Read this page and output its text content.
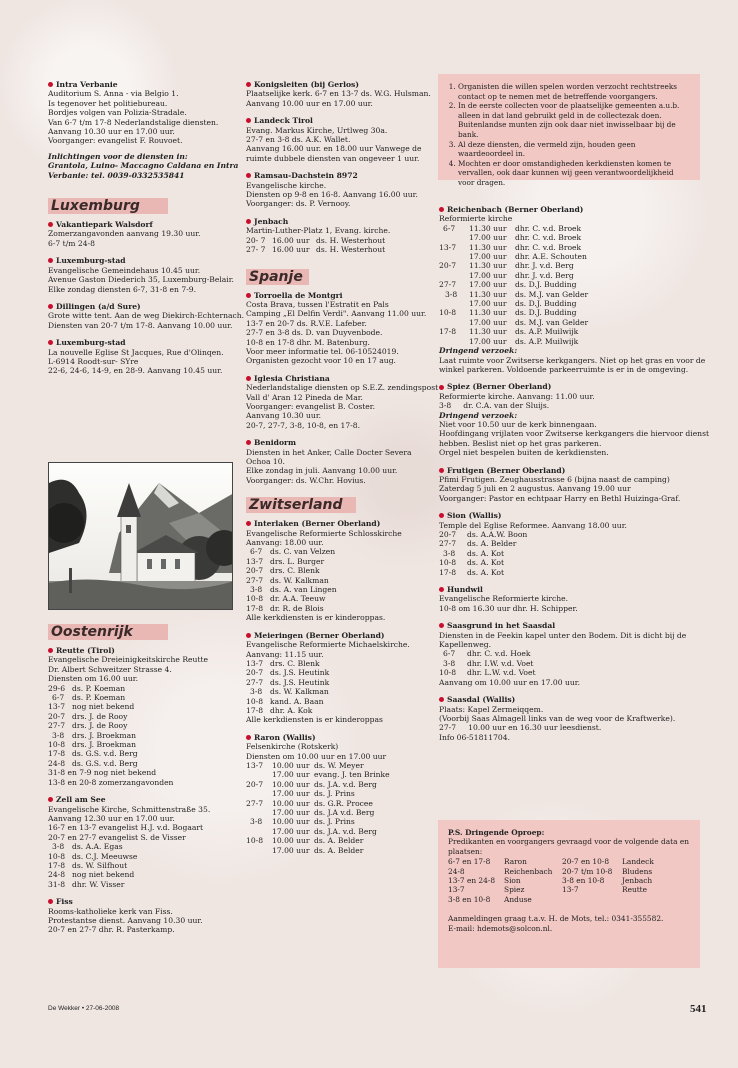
Intra Verbanie
Auditorium S. Anna - via Belgio 1.
Is tegenover het politiebureau.
Bordjes volgen van Polizia-Stradale.
Van 6-7 t/m 17-8 Nederlandstalige diensten.
Aanvang 10.30 uur en 17.00 uur.
Voorganger: evangelist F. Rouvoet.
Inlichtingen voor de diensten in:
Grantola, Luino- Maccagno Caldana en Intra
Verbanie: tel. 0039-0332535841
Luxemburg
Vakantiepark Walsdorf
Zomerzangavonden aanvang 19.30 uur.
6-7 t/m 24-8
Luxemburg-stad
Evangelische Gemeindehaus 10.45 uur.
Avenue Gaston Diederich 35, Luxemburg-Belair.
Elke zondag diensten 6-7, 31-8 en 7-9.
Dillingen (a/d Sure)
Grote witte tent. Aan de weg Diekirch-Echternach.
Diensten van 20-7 t/m 17-8. Aanvang 10.00 uur.
Luxemburg-stad
La nouvelle Eglise St Jacques, Rue d'Olinqen.
L-6914 Roodt-sur- SYre
22-6, 24-6, 14-9, en 28-9. Aanvang 10.45 uur.
Oostenrijk
Reutte (Tirol)
Evangelische Dreieinigkeitskirche Reutte
Dr. Albert Schweitzer Strasse 4.
Diensten om 16.00 uur.
29-6 ds. P. Koeman
6-7	ds. P. Koeman
13-7 nog niet bekend
20-7 drs. J. de Rooy
27-7 drs. J. de Rooy
3-8	drs. J. Broekman
10-8 drs. J. Broekman
17-8 ds. G.S. v.d. Berg
24-8 ds. G.S. v.d. Berg
31-8 en 7-9 nog niet bekend
13-8 en 20-8 zomerzangavonden
Zell am See
Evangelische Kirche, Schmittenstraße 35.
Aanvang 12.30 uur en 17.00 uur.
16-7 en 13-7 evangelist H.J. v.d. Bogaart
20-7 en 27-7 evangelist S. de Visser
3-8	ds. A.A. Egas
10-8 ds. C.J. Meeuwse
17-8 ds. W. Silfhout
24-8 nog niet bekend
31-8 dhr. W. Visser
Fiss
Rooms-katholieke kerk van Fiss.
Protestantse dienst. Aanvang 10.30 uur.
20-7 en 27-7 dhr. R. Pasterkamp.
Konigsleiten (bij Gerlos)
Plaatselijke kerk. 6-7 en 13-7 ds. W.G. Hulsman.
Aanvang 10.00 uur en 17.00 uur.
Landeck Tirol
Evang. Markus Kirche, Urtlweg 30a.
27-7 en 3-8 ds. A.K. Wallet.
Aanvang 16.00 uur. en 18.00 uur Vanwege de
ruimte dubbele diensten van ongeveer 1 uur.
Ramsau-Dachstein 8972
Evangelische kirche.
Diensten op 9-8 en 16-8. Aanvang 16.00 uur.
Voorganger: ds. P. Vernooy.
Jenbach
Martin-Luther-Platz 1, Evang. kirche.
20- 7 16.00 uur ds. H. Westerhout
27- 7 16.00 uur ds. H. Westerhout
Spanje
Torroella de Montgri
Costa Brava, tussen l'Estratit en Pals
Camping „El Delfin Verdi". Aanvang 11.00 uur.
13-7 en 20-7 ds. R.V.E. Lafeber.
27-7 en 3-8 ds. D. van Duyvenbode.
10-8 en 17-8 dhr. M. Batenburg.
Voor meer informatie tel. 06-10524019.
Organisten gezocht voor 10 en 17 aug.
Iglesia Christiana
Nederlandstalige diensten op S.E.Z. zendingspost
Vall d' Aran 12 Pineda de Mar.
Voorganger: evangelist B. Coster.
Aanvang 10.30 uur.
20-7, 27-7, 3-8, 10-8, en 17-8.
Benidorm
Diensten in het Anker, Calle Docter Severa
Ochoa 10.
Elke zondag in juli. Aanvang 10.00 uur.
Voorganger: ds. W.Chr. Hovius.
Zwitserland
Interlaken (Berner Oberland)
Evangelische Reformierte Schlosskirche
Aanvang: 18.00 uur.
6-7	ds. C. van Velzen
13-7 drs. L. Burger
20-7 drs. C. Blenk
27-7 ds. W. Kalkman
3-8	ds. A. van Lingen
10-8 dr. A.A. Teeuw
17-8 dr. R. de Blois
Alle kerkdiensten is er kinderoppas.
Meieringen (Berner Oberland)
Evangelische Reformierte Michaelskirche.
Aanvang: 11.15 uur.
13-7 drs. C. Blenk
20-7 ds. J.S. Heutink
27-7 ds. J.S. Heutink
3-8	ds. W. Kalkman
10-8 kand. A. Baan
17-8 dhr. A. Kok
Alle kerkdiensten is er kinderoppas
Raron (Wallis)
Felsenkirche (Rotskerk)
Diensten om 10.00 uur en 17.00 uur
13-7	10.00 uur ds. W. Meyer
17.00 uur evang. J. ten Brinke
20-7	10.00 uur ds. J.A. v.d. Berg
17.00 uur ds. J. Prins
27-7	10.00 uur ds. G.R. Procee
17.00 uur ds. J.A v.d. Berg
3-8	10.00 uur ds. J. Prins
17.00 uur ds. J.A. v.d. Berg
10-8	10.00 uur ds. A. Belder
17.00 uur ds. A. Belder
1. Organisten die willen spelen worden verzocht rechtstreeks contact op te nemen met de betreffende voorgangers.
2. In de eerste collecten voor de plaatselijke gemeenten a.u.b. alleen in dat land gebruikt geld in de collectezak doen. Buitenlandse munten zijn ook daar niet inwisselbaar bij de bank.
3. Al deze diensten, die vermeld zijn, houden geen waardeoordeel in.
4. Mochten er door omstandigheden kerkdiensten komen te vervallen, ook daar kunnen wij geen verantwoordelijkheid voor dragen.
Reichenbach (Berner Oberland)
Reformierte kirche
6-7	11.30 uur	dhr. C. v.d. Broek
17.00 uur	dhr. C. v.d. Broek
13-7	11.30 uur	dhr. C. v.d. Broek
17.00 uur	dhr. A.E. Schouten
20-7	11.30 uur	dhr. J. v.d. Berg
17.00 uur	dhr. J. v.d. Berg
27-7	17.00 uur	ds. D.J. Budding
3-8	11.30 uur	ds. M.J. van Gelder
17.00 uur	ds. D.J. Budding
10-8	11.30 uur	ds. D.J. Budding
17.00 uur	ds. M.J. van Gelder
17-8	11.30 uur	ds. A.P. Muilwijk
17.00 uur	ds. A.P. Muilwijk
Dringend verzoek:
Laat ruimte voor Zwitserse kerkgangers. Niet op het gras en voor de
winkel parkeren. Voldoende parkeerruimte is er in de omgeving.
Spiez (Berner Oberland)
Reformierte kirche. Aanvang: 11.00 uur.
3-8     dr. C.A. van der Sluijs.
Dringend verzoek:
Niet voor 10.50 uur de kerk binnengaan.
Hoofdingang vrijlaten voor Zwitserse kerkgangers die hiervoor dienst
hebben. Beslist niet op het gras parkeren.
Orgel niet bespelen buiten de kerkdiensten.
Frutigen (Berner Oberland)
Pfimi Frutigen. Zeughausstrasse 6 (bijna naast de camping)
Zaterdag 5 juli en 2 augustus. Aanvang 19.00 uur
Voorganger: Pastor en echtpaar Harry en Bethl Huizinga-Graf.
Sion (Wallis)
Temple del Eglise Reformee. Aanvang 18.00 uur.
20-7	ds. A.A.W. Boon
27-7	ds. A. Belder
3-8	ds. A. Kot
10-8	ds. A. Kot
17-8	ds. A. Kot
Hundwil
Evangelische Reformierte kirche.
10-8 om 16.30 uur dhr. H. Schipper.
Saasgrund in het Saasdal
Diensten in de Feekin kapel unter den Bodem. Dit is dicht bij de
Kapellenweg.
6-7	dhr. C. v.d. Hoek
3-8	dhr. I.W. v.d. Voet
10-8	dhr. L.W. v.d. Voet
Aanvang om 10.00 uur en 17.00 uur.
Saasdal (Wallis)
Plaats: Kapel Zermeiqqem.
(Voorbij Saas Almagell links van de weg voor de Kraftwerke).
27-7     10.00 uur en 16.30 uur leesdienst.
Info 06-51811704.
P.S. Dringende Oproep:
Predikanten en voorgangers gevraagd voor de volgende data en plaatsen:
6-7 en 17-8	Raron	20-7 en 10-8	Landeck
24-8	Reichenbach	20-7 t/m 10-8	Bludens
13-7 en 24-8	Sion	3-8 en 10-8	Jenbach
13-7	Spiez	13-7	Reutte
3-8 en 10-8	Anduse
Aanmeldingen graag t.a.v. H. de Mots, tel.: 0341-355582.
E-mail: hdemots@solcon.nl.
De Wekker • 27-06-2008	541
